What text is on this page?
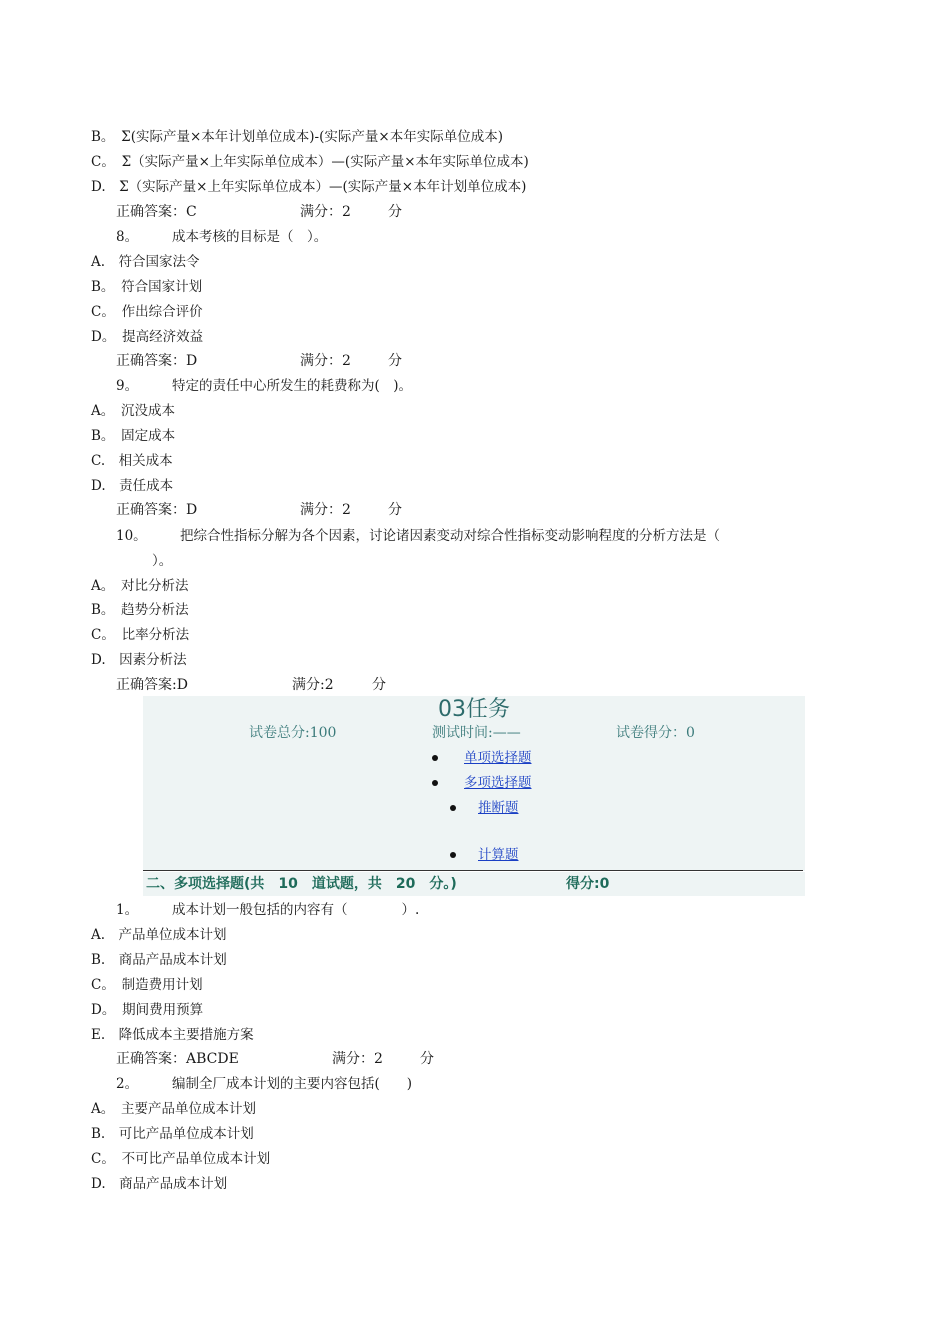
B。　Σ(实际产量×本年计划单位成本)-(实际产量×本年实际单位成本)
C。　Σ（实际产量×上年实际单位成本）—(实际产量×本年实际单位成本)
D.　Σ（实际产量×上年实际单位成本）—(实际产量×本年计划单位成本)
正确答案：C	满分：2	分
8。	成本考核的目标是（　）。
A.　符合国家法令
B。　符合国家计划
C。　作出综合评价
D。　提高经济效益
正确答案：D	满分：2	分
9。	特定的责任中心所发生的耗费称为(　)。
A。　沉没成本
B。　固定成本
C.　相关成本
D.　责任成本
正确答案：D	满分：2	分
10。 把综合性指标分解为各个因素，讨论诸因素变动对综合性指标变动影响程度的分析方法是（
）。
A。　对比分析法
B。　趋势分析法
C。　比率分析法
D.　因素分析法
正确答案:D	满分:2	分
03任务
试卷总分:100	测试时间:——	试卷得分：0
单项选择题
多项选择题
推断题
计算题
二、多项选择题(共　10　道试题，共　20　分。)	得分:0
1。	成本计划一般包括的内容有（　　　　）.
A.　产品单位成本计划
B.　商品产品成本计划
C。　制造费用计划
D。　期间费用预算
E.　降低成本主要措施方案
正确答案：ABCDE	满分：2	分
2。	编制全厂成本计划的主要内容包括(　　)
A。　主要产品单位成本计划
B.　可比产品单位成本计划
C。　不可比产品单位成本计划
D.　商品产品成本计划
